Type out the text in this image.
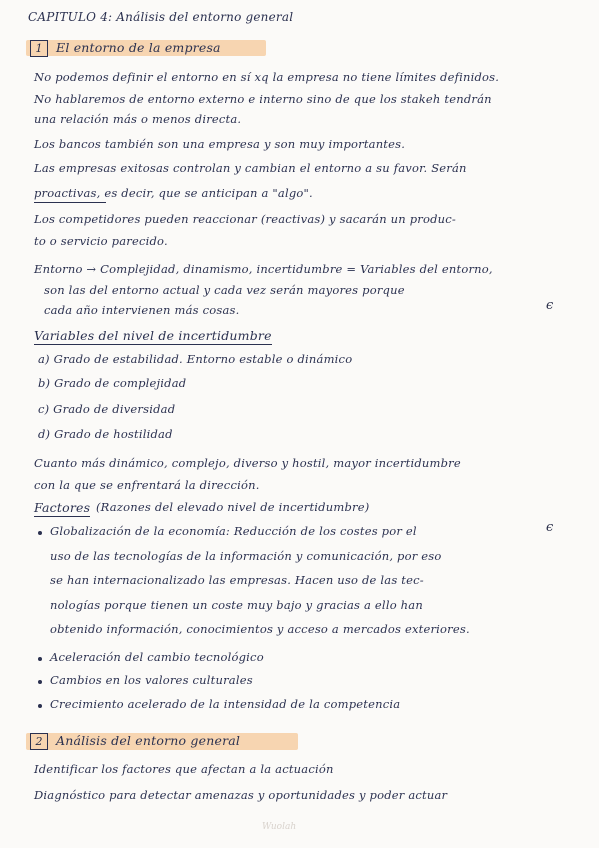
CAPITULO 4: Análisis del entorno general
1	El entorno de la empresa
No podemos definir el entorno en sí xq la empresa no tiene límites definidos.
No hablaremos de entorno externo e interno sino de que los stakeh tendrán
una relación más o menos directa.
Los bancos también son una empresa y son muy importantes.
Las empresas exitosas controlan y cambian el entorno a su favor. Serán
proactivas, es decir, que se anticipan a "algo".
Los competidores pueden reaccionar (reactivas) y sacarán un produc-
to o servicio parecido.
Entorno → Complejidad, dinamismo, incertidumbre = Variables del entorno,
son las del entorno actual y cada vez serán mayores porque
cada año intervienen más cosas.	ϵ
Variables del nivel de incertidumbre
a) Grado de estabilidad. Entorno estable o dinámico
b) Grado de complejidad
c) Grado de diversidad
d) Grado de hostilidad
Cuanto más dinámico, complejo, diverso y hostil, mayor incertidumbre
con la que se enfrentará la dirección.
Factores (Razones del elevado nivel de incertidumbre)
Globalización de la economía: Reducción de los costes por el	ϵ
uso de las tecnologías de la información y comunicación, por eso
se han internacionalizado las empresas. Hacen uso de las tec-
nologías porque tienen un coste muy bajo y gracias a ello han
obtenido información, conocimientos y acceso a mercados exteriores.
Aceleración del cambio tecnológico
Cambios en los valores culturales
Crecimiento acelerado de la intensidad de la competencia
2	Análisis del entorno general
Identificar los factores que afectan a la actuación
Diagnóstico para detectar amenazas y oportunidades y poder actuar
Wuolah
